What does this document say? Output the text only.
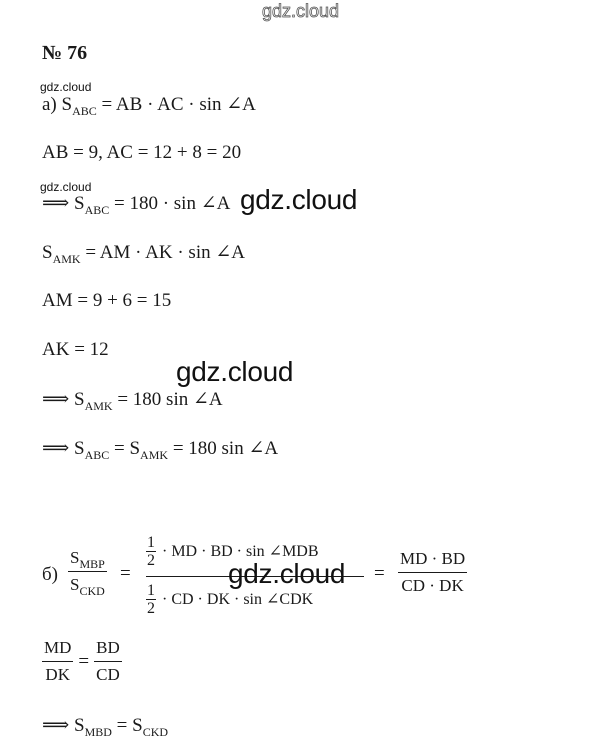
gdz.cloud
№ 76
gdz.cloud
а) $S_{ABC}$ = AB · AC · sin ∠A
AB = 9, AC = 12 + 8 = 20
gdz.cloud
⟹ $S_{ABC} = 180 \cdot \sin$ ∠A gdz.cloud
$S_{AMK}$ = AM · AK · sin ∠A
AM = 9 + 6 = 15
AK = 12
gdz.cloud
⟹ $S_{AMK} = 180$ sin ∠A
⟹ $S_{ABC} = S_{AMK} = 180$ sin ∠A
$б) \frac{S_{MBP}}{S_{CKD}}$ =
1
2 · MD · BD · sin ∠MDB
1
2 · CD · DK · sin ∠CDK
gdz.cloud = $\frac{MD \cdot BD}{CD \cdot DK}$
$\frac{MD}{DK} = \frac{BD}{CD}$
⟹ $S_{MBD} = S_{CKD}$
